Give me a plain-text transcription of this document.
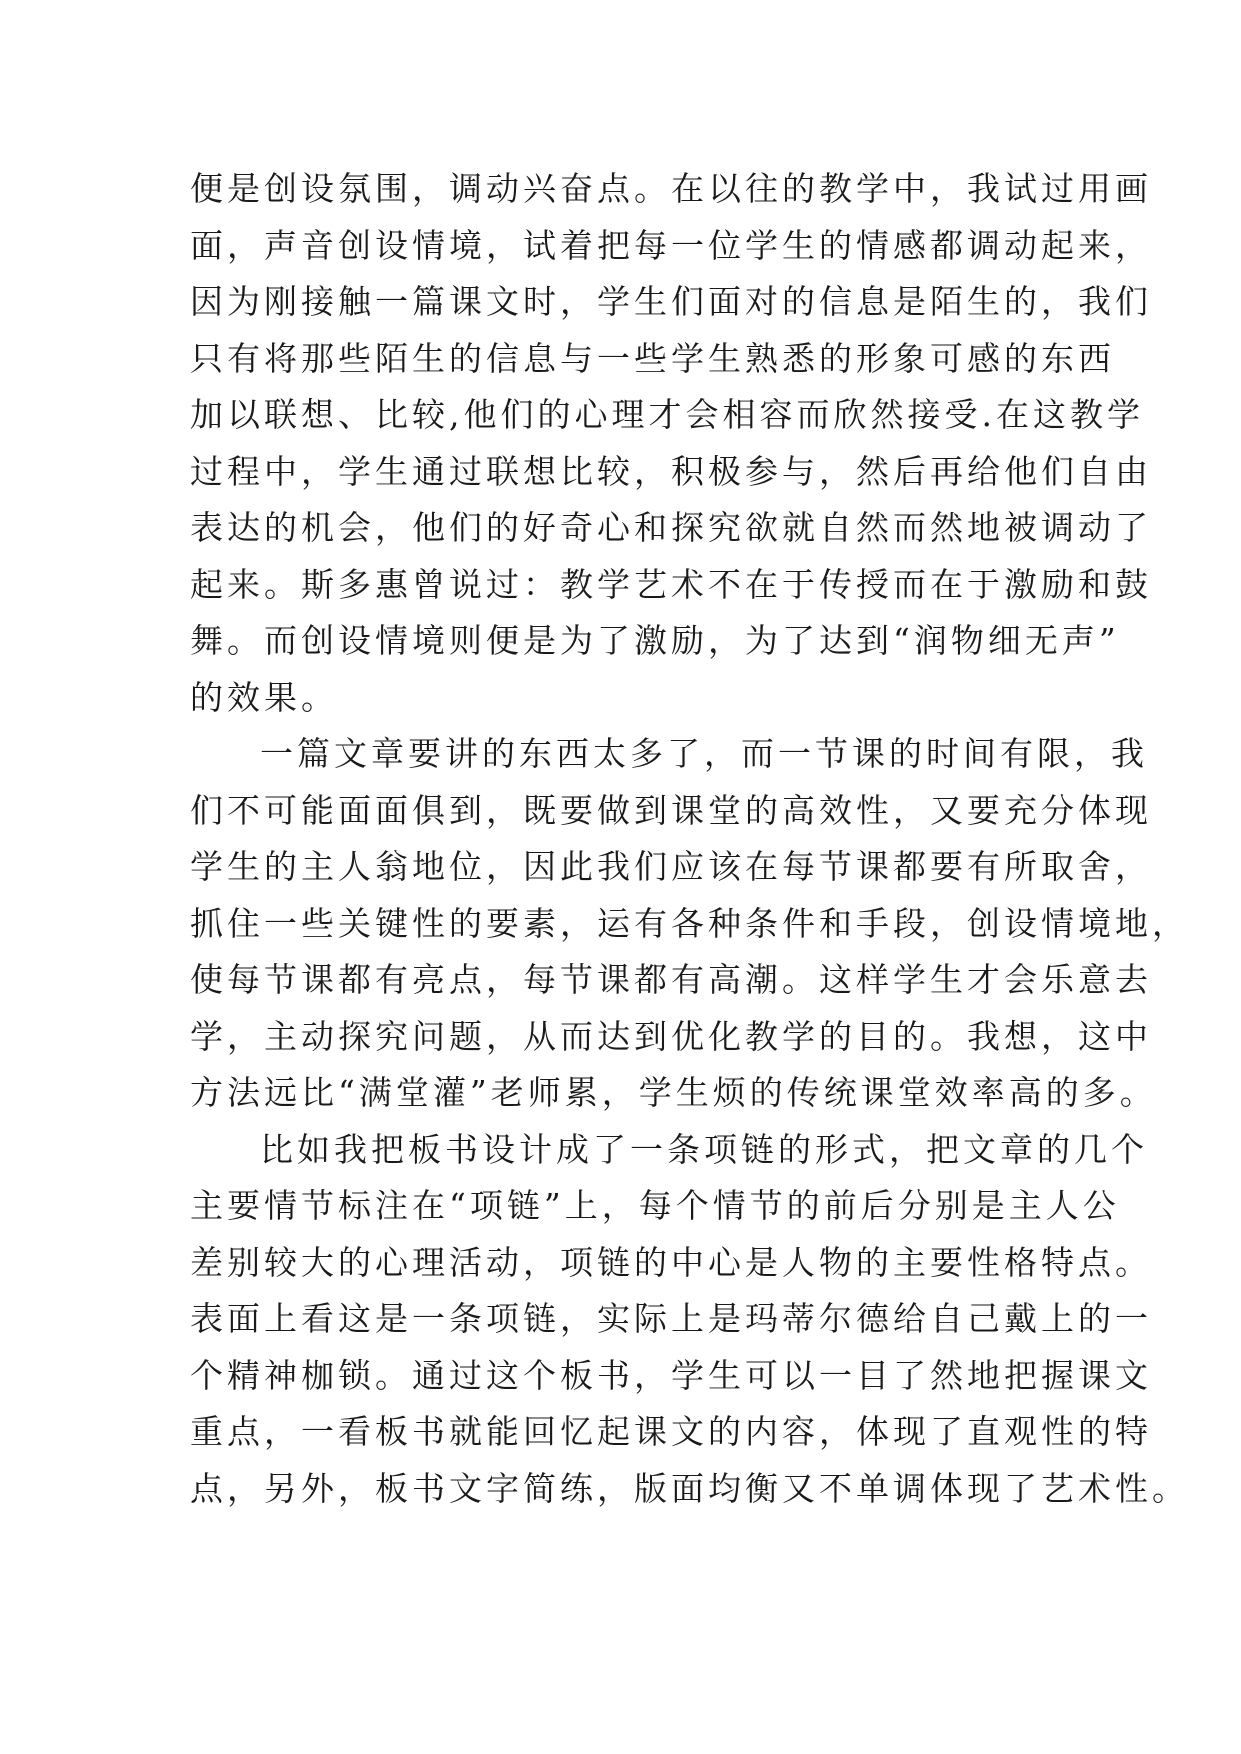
便是创设氛围，调动兴奋点。在以往的教学中，我试过用画
面，声音创设情境，试着把每一位学生的情感都调动起来，
因为刚接触一篇课文时，学生们面对的信息是陌生的，我们
只有将那些陌生的信息与一些学生熟悉的形象可感的东西
加以联想、比较,他们的心理才会相容而欣然接受.在这教学
过程中，学生通过联想比较，积极参与，然后再给他们自由
表达的机会，他们的好奇心和探究欲就自然而然地被调动了
起来。斯多惠曾说过：教学艺术不在于传授而在于激励和鼓
舞。而创设情境则便是为了激励，为了达到“润物细无声”
的效果。
一篇文章要讲的东西太多了，而一节课的时间有限，我
们不可能面面俱到，既要做到课堂的高效性，又要充分体现
学生的主人翁地位，因此我们应该在每节课都要有所取舍，
抓住一些关键性的要素，运有各种条件和手段，创设情境地，
使每节课都有亮点，每节课都有高潮。这样学生才会乐意去
学，主动探究问题，从而达到优化教学的目的。我想，这中
方法远比“满堂灌”老师累，学生烦的传统课堂效率高的多。
比如我把板书设计成了一条项链的形式，把文章的几个
主要情节标注在“项链”上，每个情节的前后分别是主人公
差别较大的心理活动，项链的中心是人物的主要性格特点。
表面上看这是一条项链，实际上是玛蒂尔德给自己戴上的一
个精神枷锁。通过这个板书，学生可以一目了然地把握课文
重点，一看板书就能回忆起课文的内容，体现了直观性的特
点，另外，板书文字简练，版面均衡又不单调体现了艺术性。
